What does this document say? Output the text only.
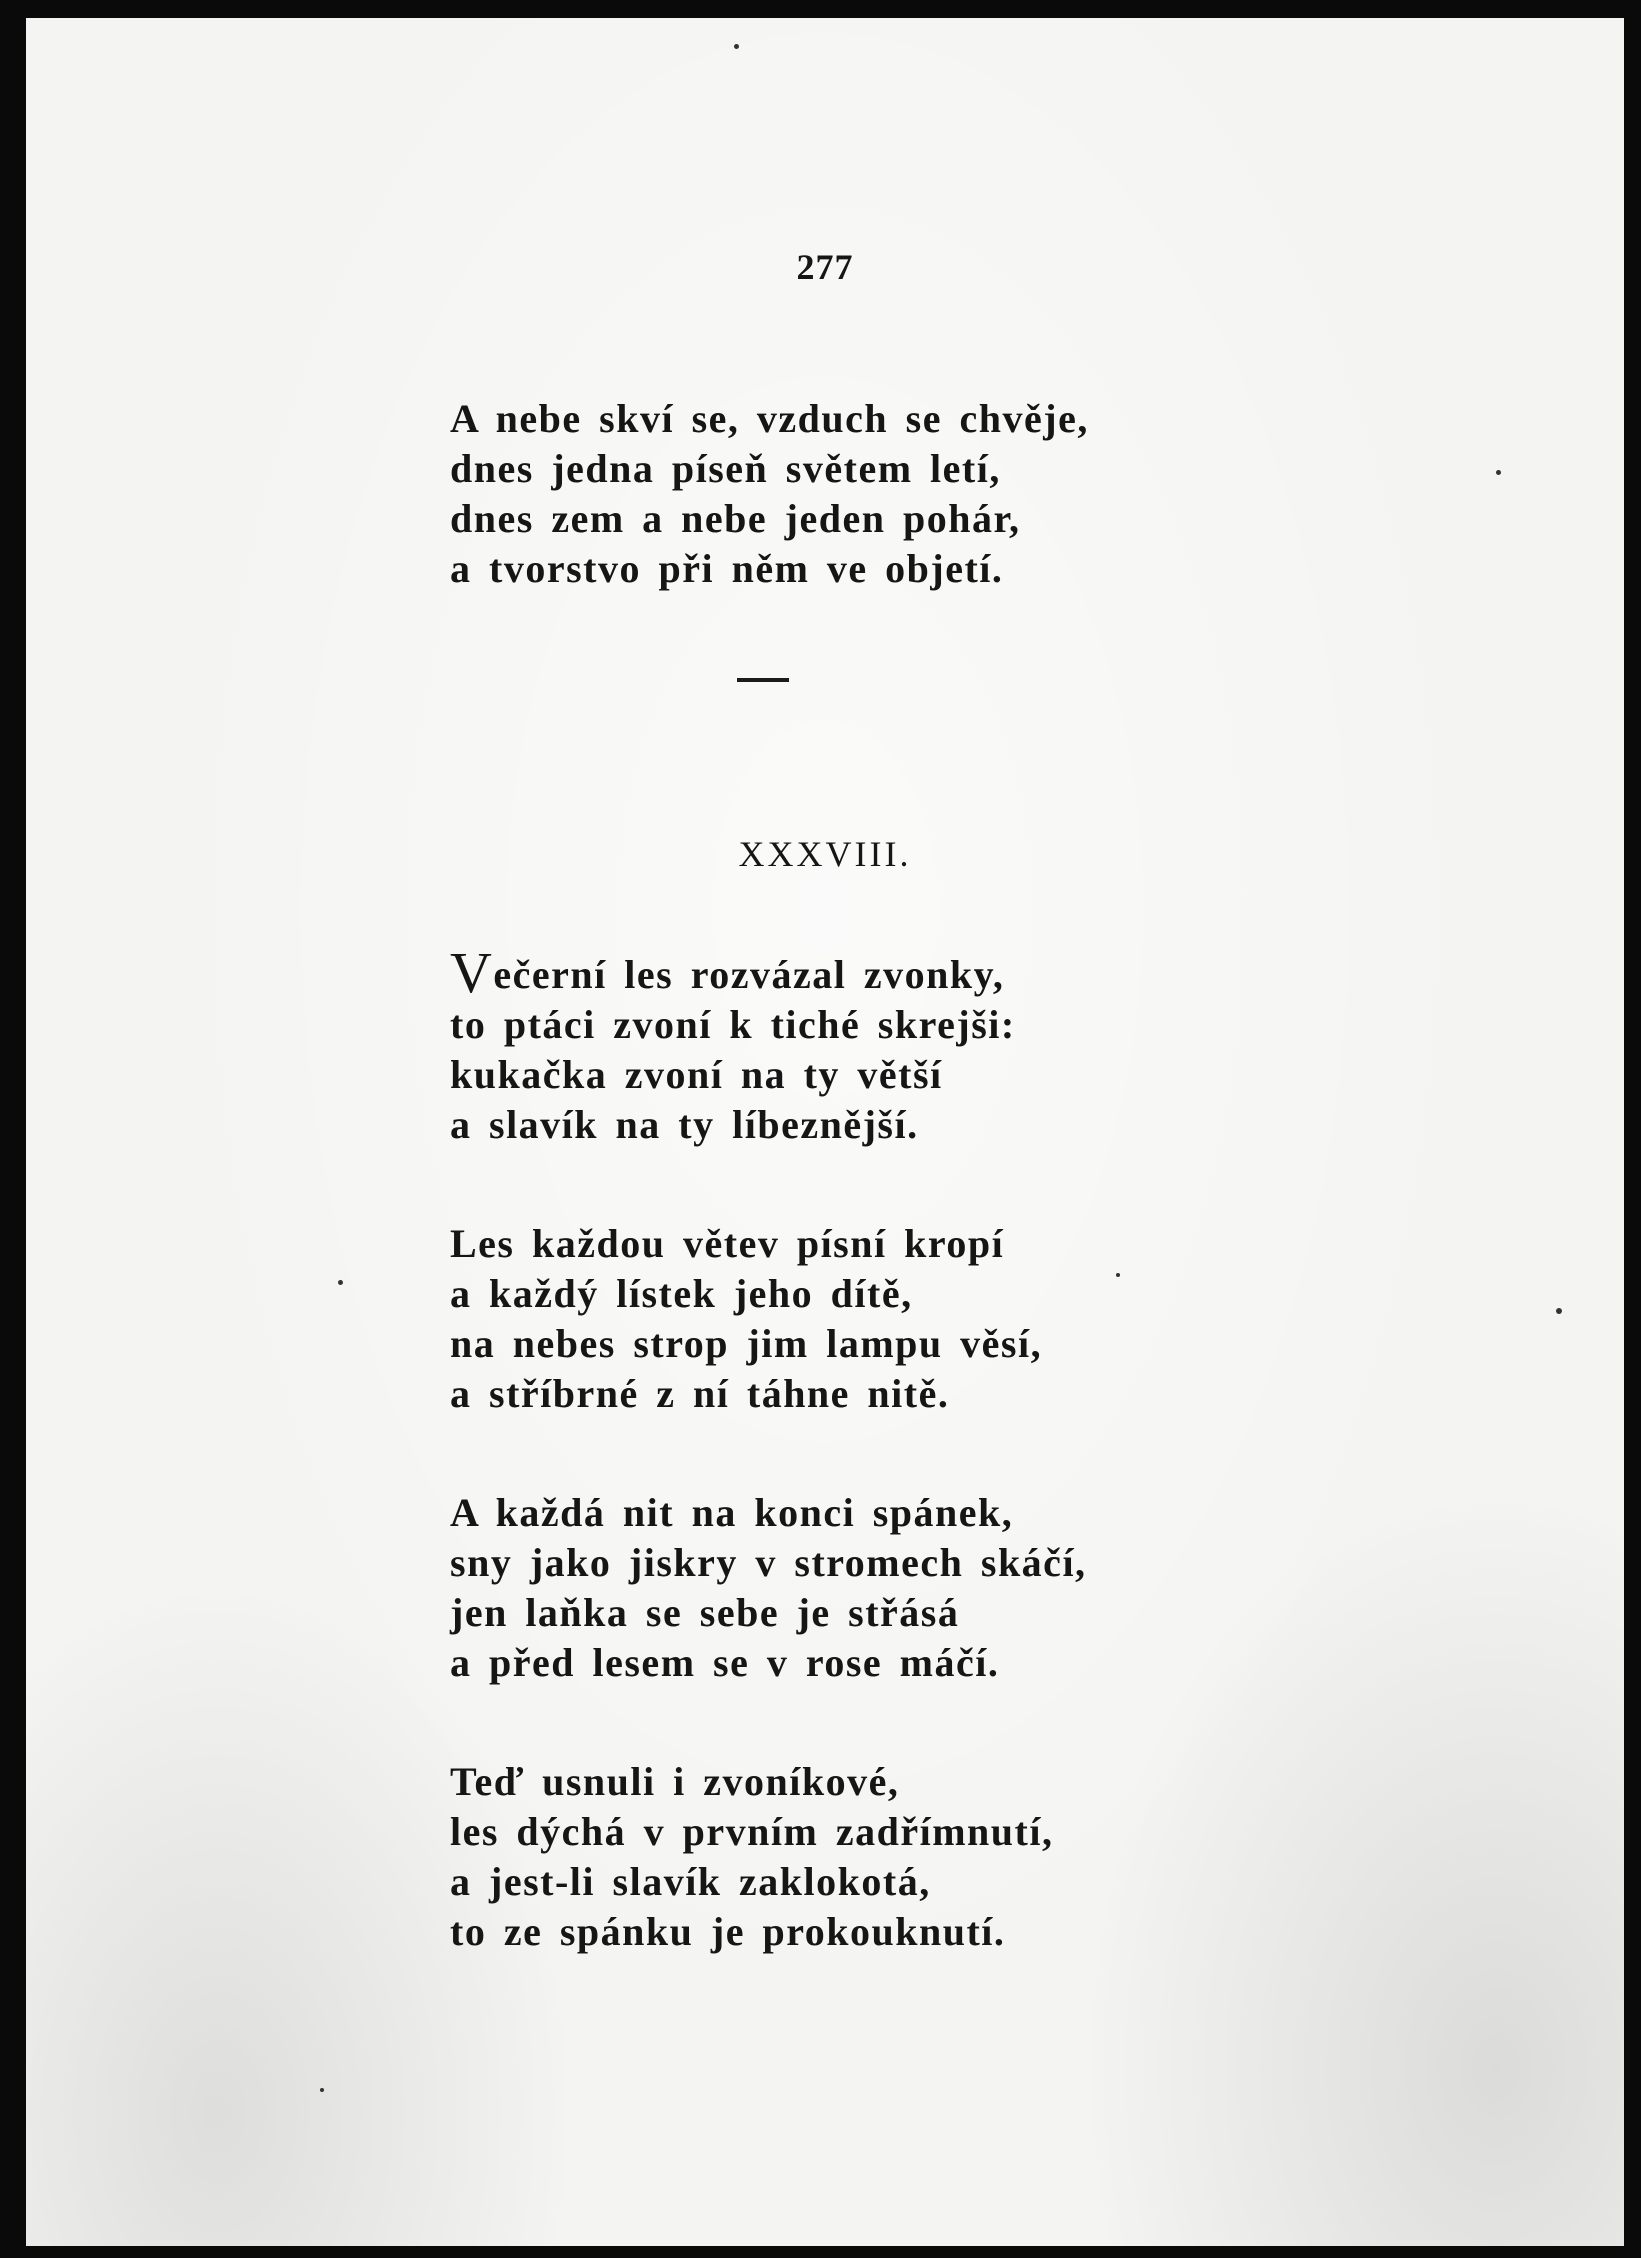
277
A nebe skví se, vzduch se chvěje,
dnes jedna píseň světem letí,
dnes zem a nebe jeden pohár,
a tvorstvo při něm ve objetí.
XXXVIII.
Večerní les rozvázal zvonky,
to ptáci zvoní k tiché skrejši:
kukačka zvoní na ty větší
a slavík na ty líbeznější.
Les každou větev písní kropí
a každý lístek jeho dítě,
na nebes strop jim lampu věsí,
a stříbrné z ní táhne nitě.
A každá nit na konci spánek,
sny jako jiskry v stromech skáčí,
jen laňka se sebe je střásá
a před lesem se v rose máčí.
Teď usnuli i zvoníkové,
les dýchá v prvním zadřímnutí,
a jest-li slavík zaklokotá,
to ze spánku je prokouknutí.
